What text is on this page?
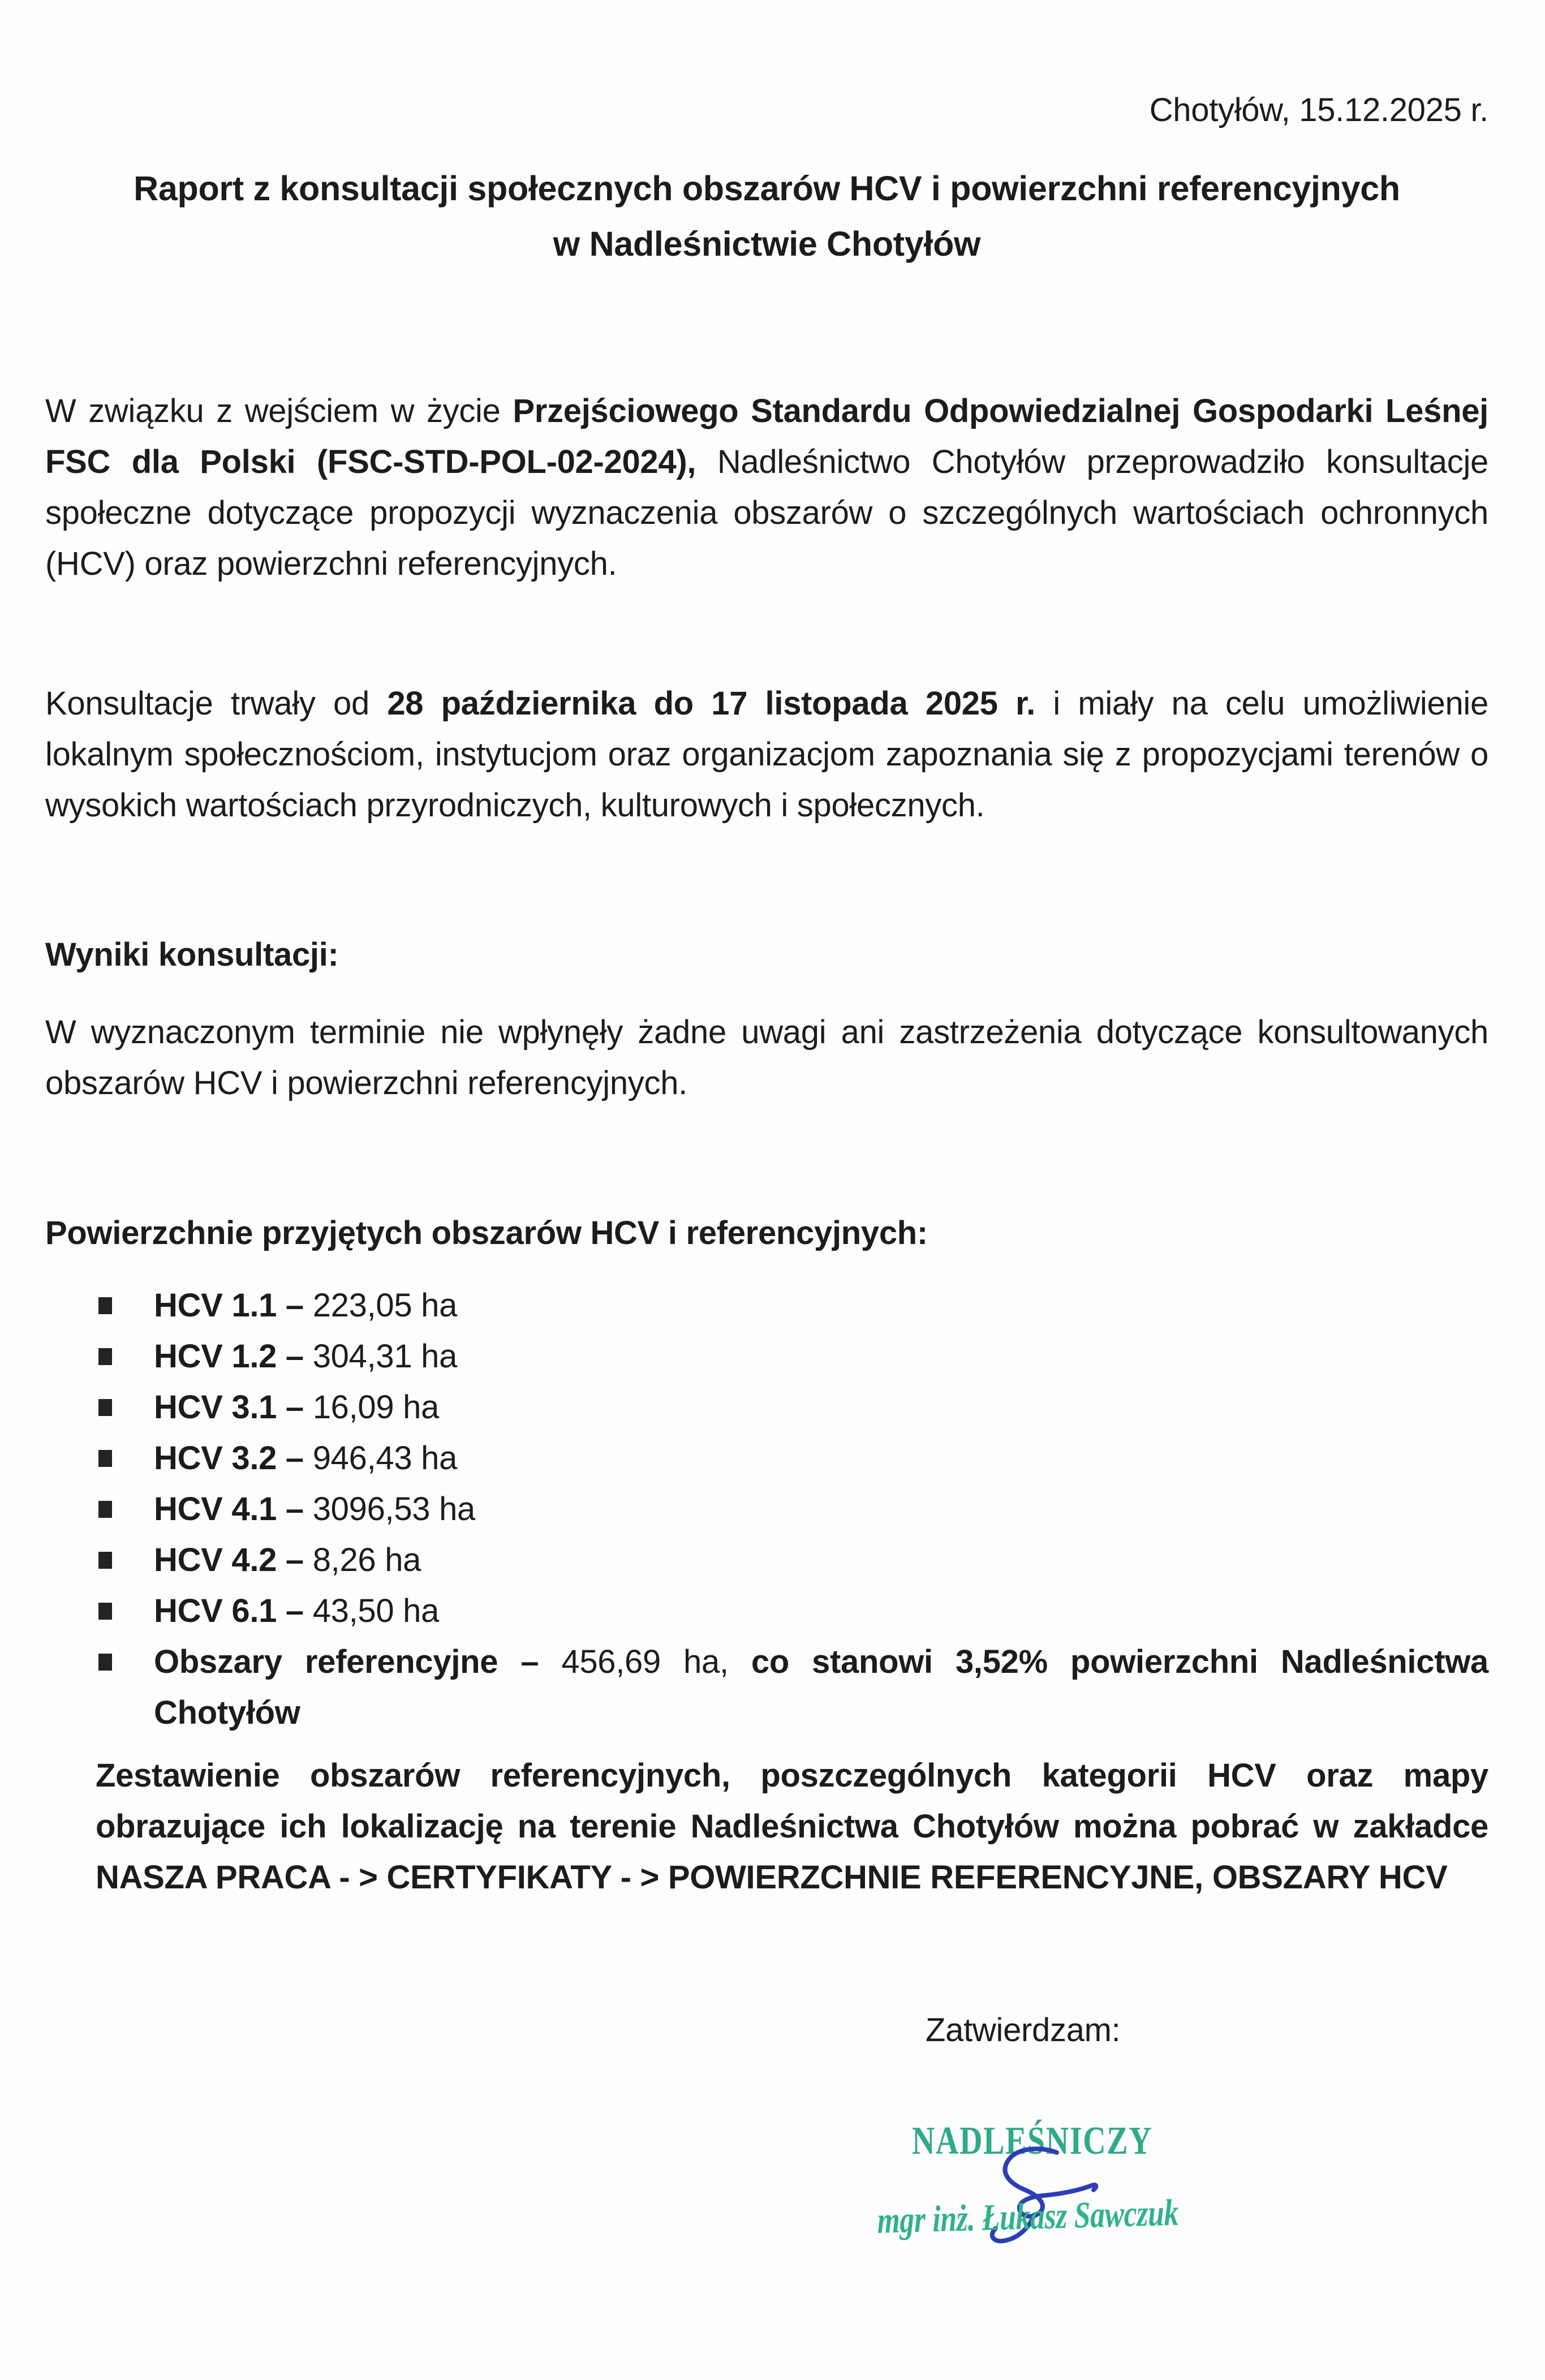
Chotyłów, 15.12.2025 r.
Raport z konsultacji społecznych obszarów HCV i powierzchni referencyjnych
w Nadleśnictwie Chotyłów

W związku z wejściem w życie Przejściowego Standardu Odpowiedzialnej Gospodarki Leśnej FSC dla Polski (FSC-STD-POL-02-2024), Nadleśnictwo Chotyłów przeprowadziło konsultacje społeczne dotyczące propozycji wyznaczenia obszarów o szczególnych wartościach ochronnych (HCV) oraz powierzchni referencyjnych.

Konsultacje trwały od 28 października do 17 listopada 2025 r. i miały na celu umożliwienie lokalnym społecznościom, instytucjom oraz organizacjom zapoznania się z propozycjami terenów o wysokich wartościach przyrodniczych, kulturowych i społecznych.

Wyniki konsultacji:

W wyznaczonym terminie nie wpłynęły żadne uwagi ani zastrzeżenia dotyczące konsultowanych obszarów HCV i powierzchni referencyjnych.

Powierzchnie przyjętych obszarów HCV i referencyjnych:
HCV 1.1 – 223,05 ha
HCV 1.2 – 304,31 ha
HCV 3.1 – 16,09 ha
HCV 3.2 – 946,43 ha
HCV 4.1 – 3096,53 ha
HCV 4.2 – 8,26 ha
HCV 6.1 – 43,50 ha
Obszary referencyjne – 456,69 ha, co stanowi 3,52% powierzchni Nadleśnictwa Chotyłów

Zestawienie obszarów referencyjnych, poszczególnych kategorii HCV oraz mapy obrazujące ich lokalizację na terenie Nadleśnictwa Chotyłów można pobrać w zakładce NASZA PRACA - > CERTYFIKATY - > POWIERZCHNIE REFERENCYJNE, OBSZARY HCV

Zatwierdzam:
NADLEŚNICZY
mgr inż. Łukasz Sawczuk
